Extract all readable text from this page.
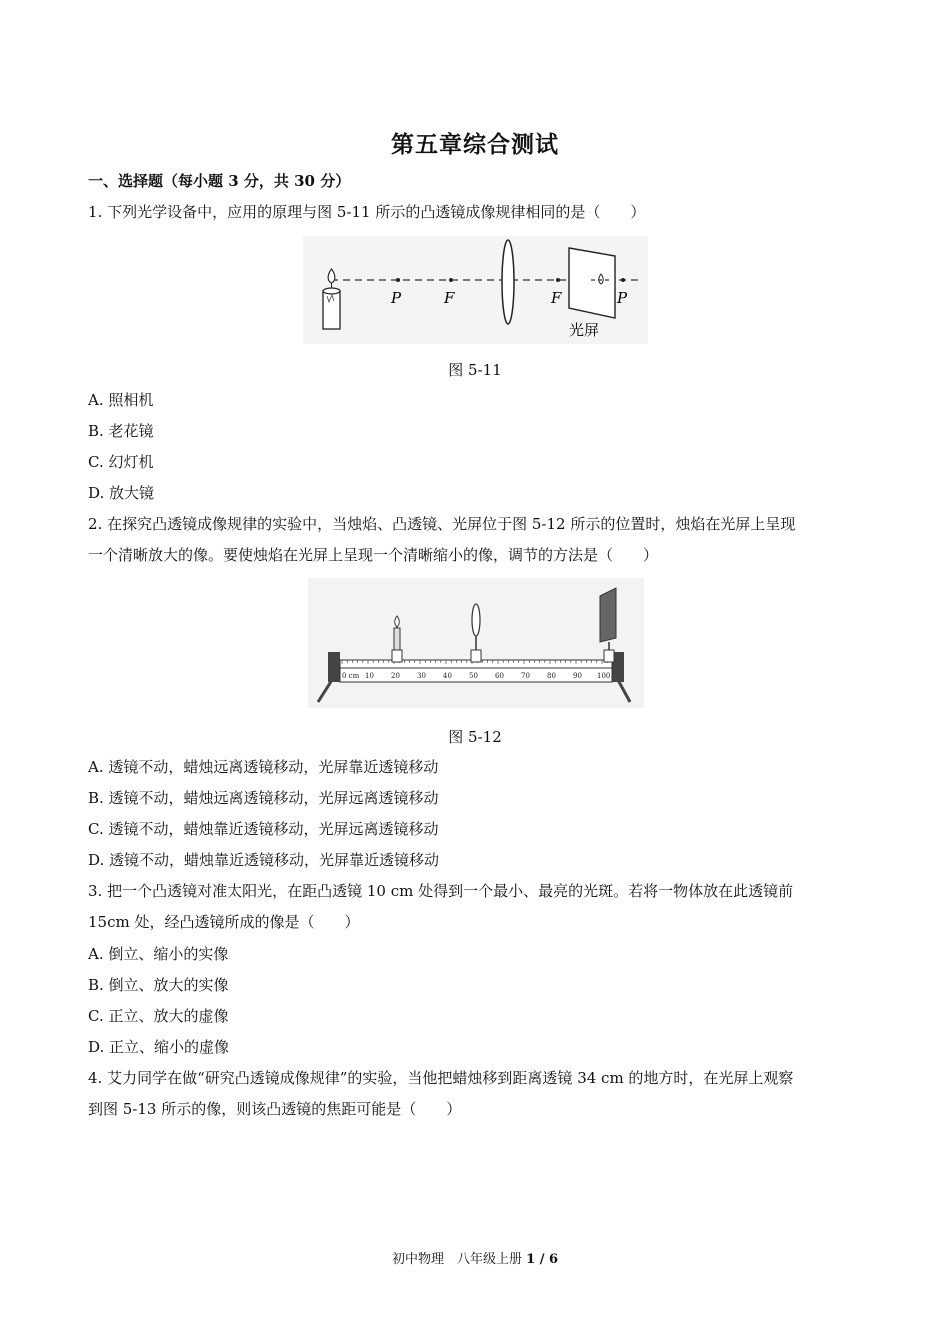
第五章综合测试
一、选择题（每小题 3 分，共 30 分）
1. 下列光学设备中，应用的原理与图 5-11 所示的凸透镜成像规律相同的是（　　）
P	F	F	P
光屏
图 5-11
A. 照相机
B. 老花镜
C. 幻灯机
D. 放大镜
2. 在探究凸透镜成像规律的实验中，当烛焰、凸透镜、光屏位于图 5-12 所示的位置时，烛焰在光屏上呈现
一个清晰放大的像。要使烛焰在光屏上呈现一个清晰缩小的像，调节的方法是（　　）
0 cm 10 20 30 40 50 60 70 80 90 100
图 5-12
A. 透镜不动，蜡烛远离透镜移动，光屏靠近透镜移动
B. 透镜不动，蜡烛远离透镜移动，光屏远离透镜移动
C. 透镜不动，蜡烛靠近透镜移动，光屏远离透镜移动
D. 透镜不动，蜡烛靠近透镜移动，光屏靠近透镜移动
3. 把一个凸透镜对准太阳光，在距凸透镜 10 cm 处得到一个最小、最亮的光斑。若将一物体放在此透镜前
15cm 处，经凸透镜所成的像是（　　）
A. 倒立、缩小的实像
B. 倒立、放大的实像
C. 正立、放大的虚像
D. 正立、缩小的虚像
4. 艾力同学在做“研究凸透镜成像规律”的实验，当他把蜡烛移到距离透镜 34 cm 的地方时，在光屏上观察
到图 5-13 所示的像，则该凸透镜的焦距可能是（　　）
初中物理　八年级上册 1 / 6
